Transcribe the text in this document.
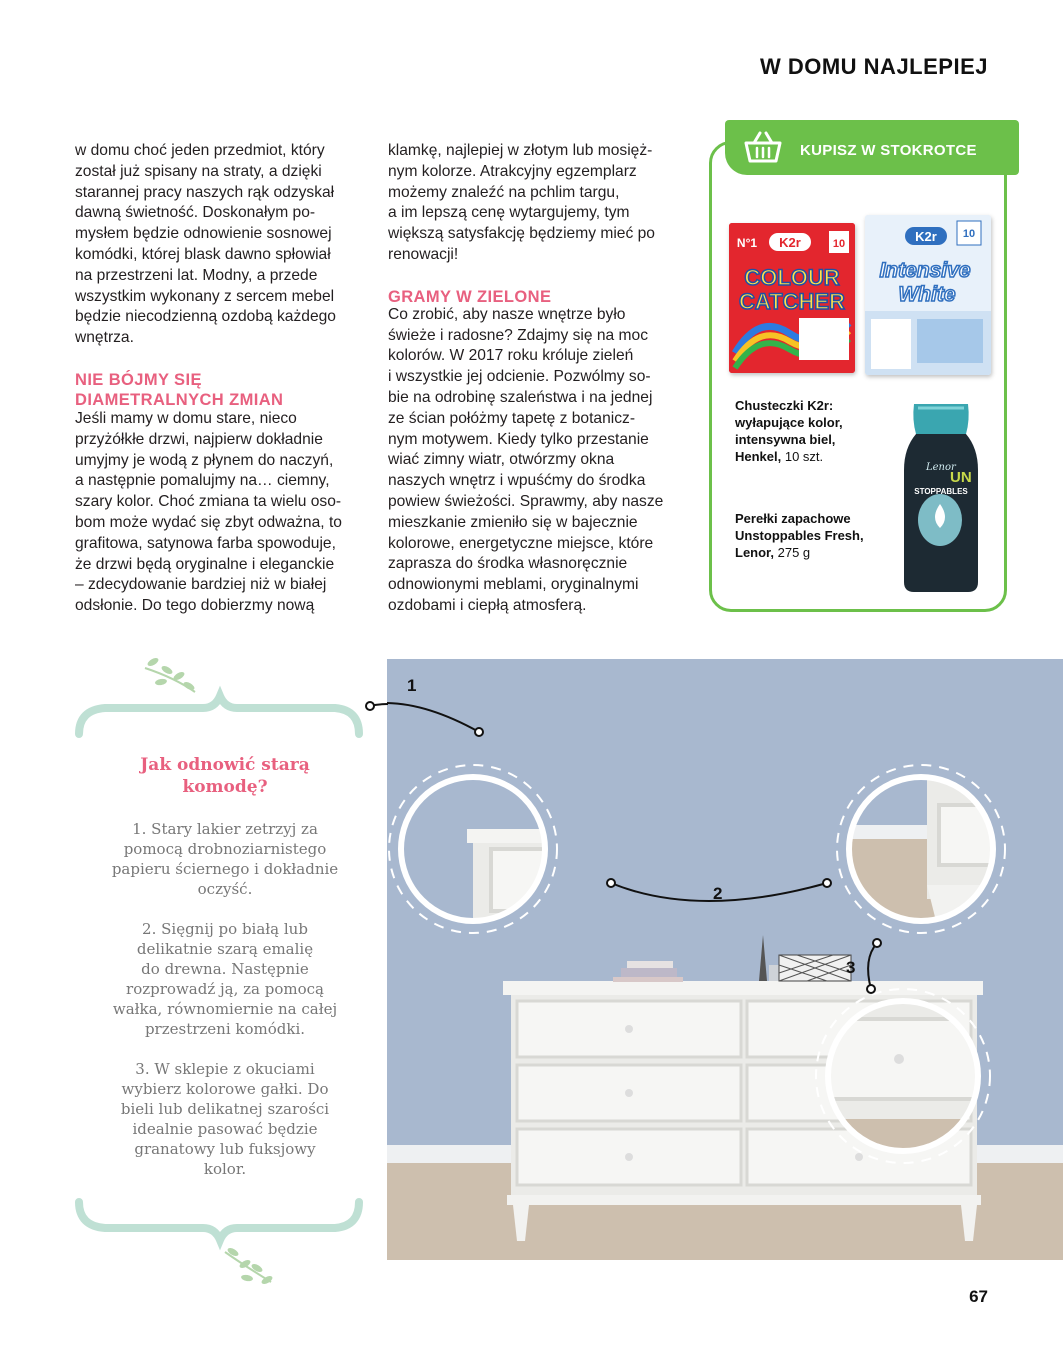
W DOMU NAJLEPIEJ

w domu choć jeden przedmiot, który
został już spisany na straty, a dzięki
starannej pracy naszych rąk odzyskał
dawną świetność. Doskonałym po-
mysłem będzie odnowienie sosnowej
komódki, której blask dawno spłowiał
na przestrzeni lat. Modny, a przede
wszystkim wykonany z sercem mebel
będzie niecodzienną ozdobą każdego
wnętrza.

NIE BÓJMY SIĘ
DIAMETRALNYCH ZMIAN

Jeśli mamy w domu stare, nieco
przyżółkłe drzwi, najpierw dokładnie
umyjmy je wodą z płynem do naczyń,
a następnie pomalujmy na… ciemny,
szary kolor. Choć zmiana ta wielu oso-
bom może wydać się zbyt odważna, to
grafitowa, satynowa farba spowoduje,
że drzwi będą oryginalne i eleganckie
– zdecydowanie bardziej niż w białej
odsłonie. Do tego dobierzmy nową

klamkę, najlepiej w złotym lub mosięż-
nym kolorze. Atrakcyjny egzemplarz
możemy znaleźć na pchlim targu,
a im lepszą cenę wytargujemy, tym
większą satysfakcję będziemy mieć po
renowacji!

GRAMY W ZIELONE

Co zrobić, aby nasze wnętrze było
świeże i radosne? Zdajmy się na moc
kolorów. W 2017 roku króluje zieleń
i wszystkie jej odcienie. Pozwólmy so-
bie na odrobinę szaleństwa i na jednej
ze ścian połóżmy tapetę z botanicz-
nym motywem. Kiedy tylko przestanie
wiać zimny wiatr, otwórzmy okna
naszych wnętrz i wpuśćmy do środka
powiew świeżości. Sprawmy, aby nasze
mieszkanie zmieniło się w bajecznie
kolorowe, energetyczne miejsce, które
zaprasza do środka własnoręcznie
odnowionymi meblami, oryginalnymi
ozdobami i ciepłą atmosferą.

KUPISZ W STOKROTCE
10
N°1 K2r
COLOUR
CATCHER
10
K2r
Intensive
White
Chusteczki K2r:
wyłapujące kolor,
intensywna biel,
Henkel, 10 szt.
Lenor
UN
STOPPABLES
Perełki zapachowe
Unstoppables Fresh,
Lenor, 275 g
Jak odnowić starą
komodę?
1. Stary lakier zetrzyj za
pomocą drobnoziarnistego
papieru ściernego i dokładnie
oczyść.
2. Sięgnij po białą lub
delikatnie szarą emalię
do drewna. Następnie
rozprowadź ją, za pomocą
wałka, równomiernie na całej
przestrzeni komódki.
3. W sklepie z okuciami
wybierz kolorowe gałki. Do
bieli lub delikatnej szarości
idealnie pasować będzie
granatowy lub fuksjowy
kolor.
1
2
3
67
